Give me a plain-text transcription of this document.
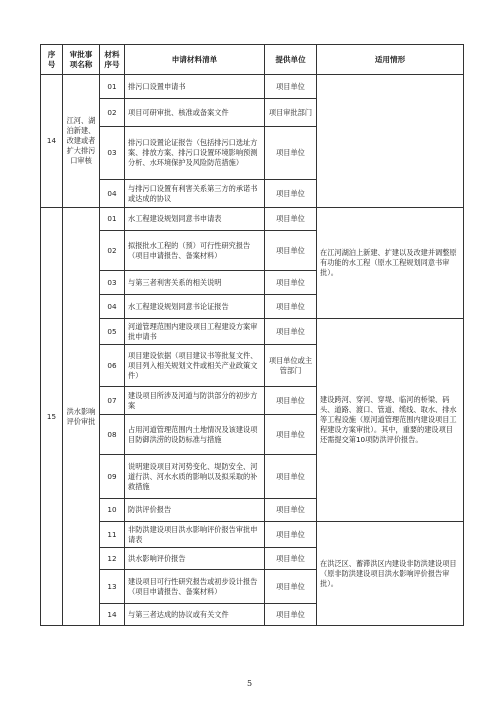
序号	审批事项名称	材料序号	申请材料清单	提供单位	适用情形
14	江河、湖泊新建、改建或者扩大排污口审核	01	排污口设置申请书	项目单位	
		02	项目可研审批、核准或备案文件	项目审批部门	
		03	排污口设置论证报告（包括排污口选址方案、排放方案、排污口设置环境影响预测分析、水环境保护及风险防范措施）	项目单位	
		04	与排污口设置有利害关系第三方的承诺书或达成的协议	项目单位	
15	洪水影响评价审批	01	水工程建设规划同意书申请表	项目单位	在江河湖泊上新建、扩建以及改建并调整原有功能的水工程（原水工程规划同意书审批）。
		02	拟报批水工程的（预）可行性研究报告（项目申请报告、备案材料）	项目单位	
		03	与第三者利害关系的相关说明	项目单位	
		04	水工程建设规划同意书论证报告	项目单位	
		05	河道管理范围内建设项目工程建设方案审批申请书	项目单位	建设跨河、穿河、穿堤、临河的桥梁、码头、道路、渡口、管道、缆线、取水、排水等工程设施（原河道管理范围内建设项目工程建设方案审批）。其中，重要的建设项目还需提交第10项防洪评价报告。
		06	项目建设依据（项目建议书等批复文件、项目列入相关规划文件或相关产业政策文件）	项目单位或主管部门	
		07	建设项目所涉及河道与防洪部分的初步方案	项目单位	
		08	占用河道管理范围内土地情况及该建设项目防御洪涝的设防标准与措施	项目单位	
		09	说明建设项目对河势变化、堤防安全、河道行洪、河水水质的影响以及拟采取的补救措施	项目单位	
		10	防洪评价报告	项目单位	
		11	非防洪建设项目洪水影响评价报告审批申请表	项目单位	在洪泛区、蓄滞洪区内建设非防洪建设项目（原非防洪建设项目洪水影响评价报告审批）。
		12	洪水影响评价报告	项目单位	
		13	建设项目可行性研究报告或初步设计报告（项目申请报告、备案材料）	项目单位	
		14	与第三者达成的协议或有关文件	项目单位	
5
